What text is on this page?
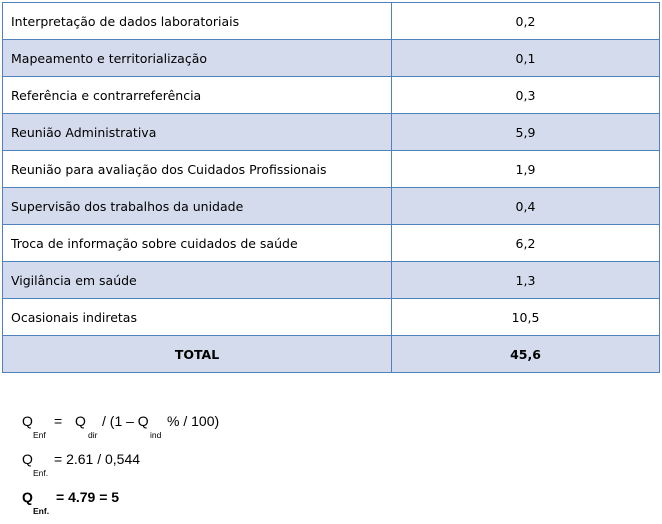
Interpretação de dados laboratoriais	0,2
Mapeamento e territorialização	0,1
Referência e contrarreferência	0,3
Reunião Administrativa	5,9
Reunião para avaliação dos Cuidados Profissionais	1,9
Supervisão dos trabalhos da unidade	0,4
Troca de informação sobre cuidados de saúde	6,2
Vigilância em saúde	1,3
Ocasionais indiretas	10,5
TOTAL	45,6
Q
Enf
= Q
dir
/ (1 – Q
ind
% / 100)
Q
Enf.
= 2.61 / 0,544
Q
Enf.
= 4.79 = 5
